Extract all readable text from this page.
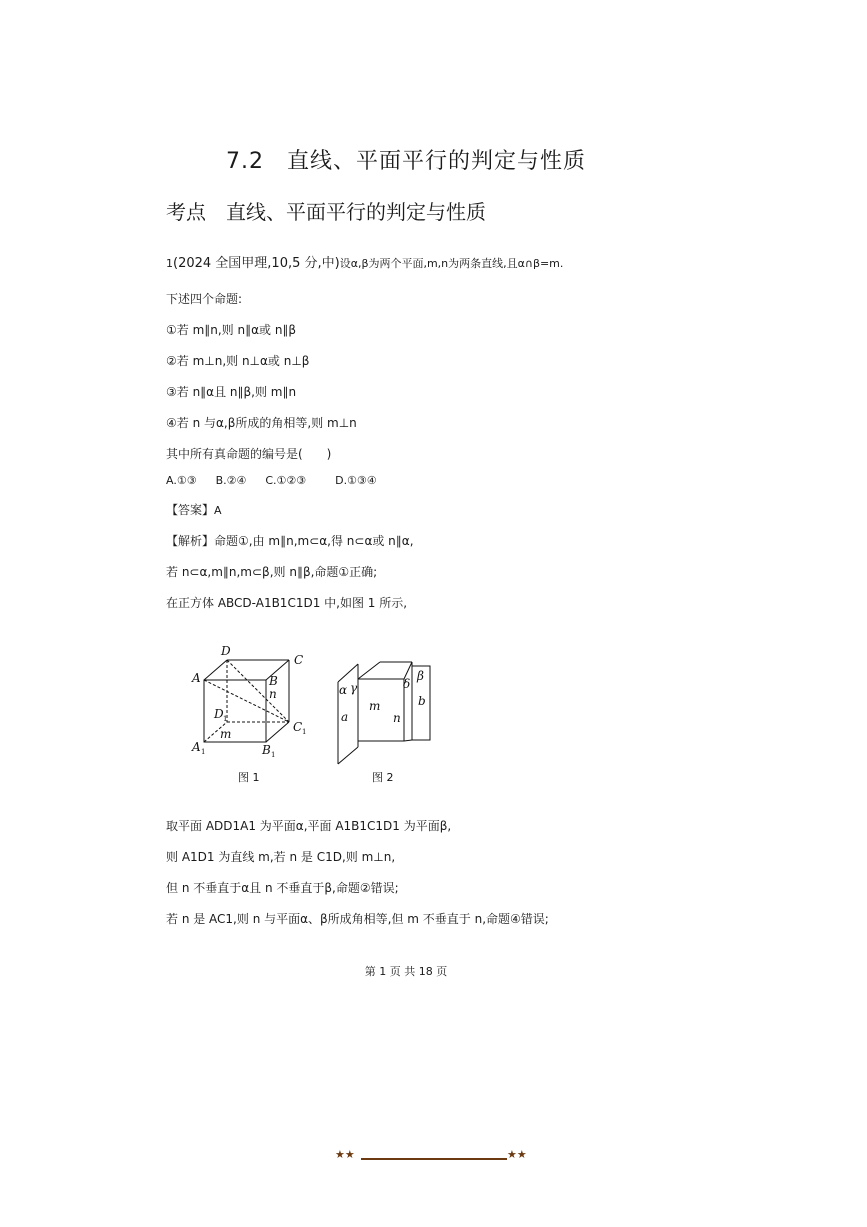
7.2　直线、平面平行的判定与性质
考点　直线、平面平行的判定与性质
1(2024 全国甲理,10,5 分,中)设α,β为两个平面,m,n为两条直线,且α∩β=m.
下述四个命题:
①若 m∥n,则 n∥α或 n∥β
②若 m⊥n,则 n⊥α或 n⊥β
③若 n∥α且 n∥β,则 m∥n
④若 n 与α,β所成的角相等,则 m⊥n
其中所有真命题的编号是(　　)
A.①③ B.②④ C.①②③	D.①③④
【答案】A
【解析】命题①,由 m∥n,m⊂α,得 n⊂α或 n∥α,
若 n⊂α,m∥n,m⊂β,则 n∥β,命题①正确;
在正方体 ABCD-A1B1C1D1 中,如图 1 所示,
D
C
A	B
n
D 1
C 1
m
A 1	B 1
图 1
α γ	δ
β
b
a
m
n
图 2
取平面 ADD1A1 为平面α,平面 A1B1C1D1 为平面β,
则 A1D1 为直线 m,若 n 是 C1D,则 m⊥n,
但 n 不垂直于α且 n 不垂直于β,命题②错误;
若 n 是 AC1,则 n 与平面α、β所成角相等,但 m 不垂直于 n,命题④错误;
第 1 页 共 18 页
★★	★★
